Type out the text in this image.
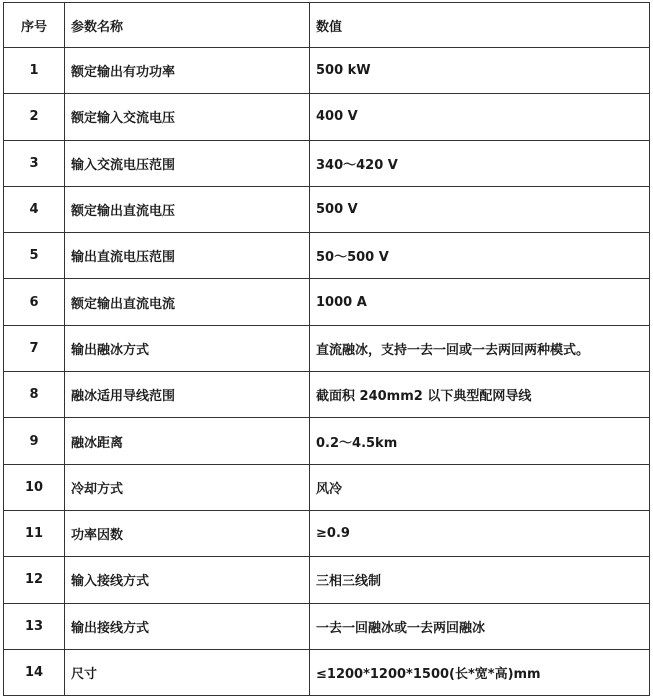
序号	参数名称	数值
1	额定输出有功功率	500 kW
2	额定输入交流电压	400 V
3	输入交流电压范围	340～420 V
4	额定输出直流电压	500 V
5	输出直流电压范围	50～500 V
6	额定输出直流电流	1000 A
7	输出融冰方式	直流融冰，支持一去一回或一去两回两种模式。
8	融冰适用导线范围	截面积 240mm2 以下典型配网导线
9	融冰距离	0.2～4.5km
10	冷却方式	风冷
11	功率因数	≥0.9
12	输入接线方式	三相三线制
13	输出接线方式	一去一回融冰或一去两回融冰
14	尺寸	≤1200*1200*1500(长*宽*高)mm
